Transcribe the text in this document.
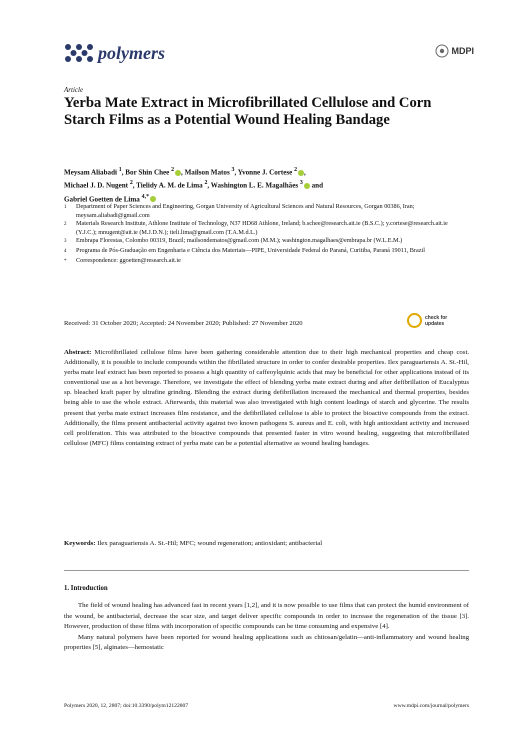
polymers	MDPI
Article
Yerba Mate Extract in Microfibrillated Cellulose and Corn Starch Films as a Potential Wound Healing Bandage
Meysam Aliabadi $^1$, Bor Shin Chee $^2$ , Mailson Matos $^3$, Yvonne J. Cortese $^2$ ,
Michael J. D. Nugent $^2$, Tielidy A. M. de Lima $^2$, Washington L. E. Magalhães $^3$ and
Gabriel Goetten de Lima $^{4,*}$
1	Department of Paper Sciences and Engineering, Gorgan University of Agricultural Sciences and Natural Resources, Gorgan 00386, Iran; meysam.aliabadi@gmail.com
2	Materials Research Institute, Athlone Institute of Technology, N37 HD68 Athlone, Ireland; b.schee@research.ait.ie (B.S.C.); y.cortese@research.ait.ie (Y.J.C.); mnugent@ait.ie (M.J.D.N.); tieli.lima@gmail.com (T.A.M.d.L.)
3	Embrapa Florestas, Colombo 00319, Brazil; mailsondematos@gmail.com (M.M.); washington.magalhaes@embrapa.br (W.L.E.M.)
4	Programa de Pós-Graduação em Engenharia e Ciência dos Materiais—PIPE, Universidade Federal do Paraná, Curitiba, Paraná 19011, Brazil
*	Correspondence: ggoetten@research.ait.ie
Received: 31 October 2020; Accepted: 24 November 2020; Published: 27 November 2020
check for
updates
Abstract: Microfibrillated cellulose films have been gathering considerable attention due to their high mechanical properties and cheap cost. Additionally, it is possible to include compounds within the fibrillated structure in order to confer desirable properties. Ilex paraguariensis A. St.-Hil, yerba mate leaf extract has been reported to possess a high quantity of caffeoylquinic acids that may be beneficial for other applications instead of its conventional use as a hot beverage. Therefore, we investigate the effect of blending yerba mate extract during and after defibrillation of Eucalyptus sp. bleached kraft paper by ultrafine grinding. Blending the extract during defibrillation increased the mechanical and thermal properties, besides being able to use the whole extract. Afterwards, this material was also investigated with high content loadings of starch and glycerine. The results present that yerba mate extract increases film resistance, and the defibrillated cellulose is able to protect the bioactive compounds from the extract. Additionally, the films present antibacterial activity against two known pathogens S. aureus and E. coli, with high antioxidant activity and increased cell proliferation. This was attributed to the bioactive compounds that presented faster in vitro wound healing, suggesting that microfibrillated cellulose (MFC) films containing extract of yerba mate can be a potential alternative as wound healing bandages.
Keywords: Ilex paraguariensis A. St.-Hil; MFC; wound regeneration; antioxidant; antibacterial
1. Introduction

The field of wound healing has advanced fast in recent years [1,2], and it is now possible to use films that can protect the humid environment of the wound, be antibacterial, decrease the scar size, and target deliver specific compounds in order to increase the regeneration of the tissue [3]. However, production of these films with incorporation of specific compounds can be time consuming and expensive [4].

Many natural polymers have been reported for wound healing applications such as chitosan/gelatin—anti-inflammatory and wound healing properties [5], alginates—hemostatic

Polymers 2020, 12, 2807; doi:10.3390/polym12122807	www.mdpi.com/journal/polymers
